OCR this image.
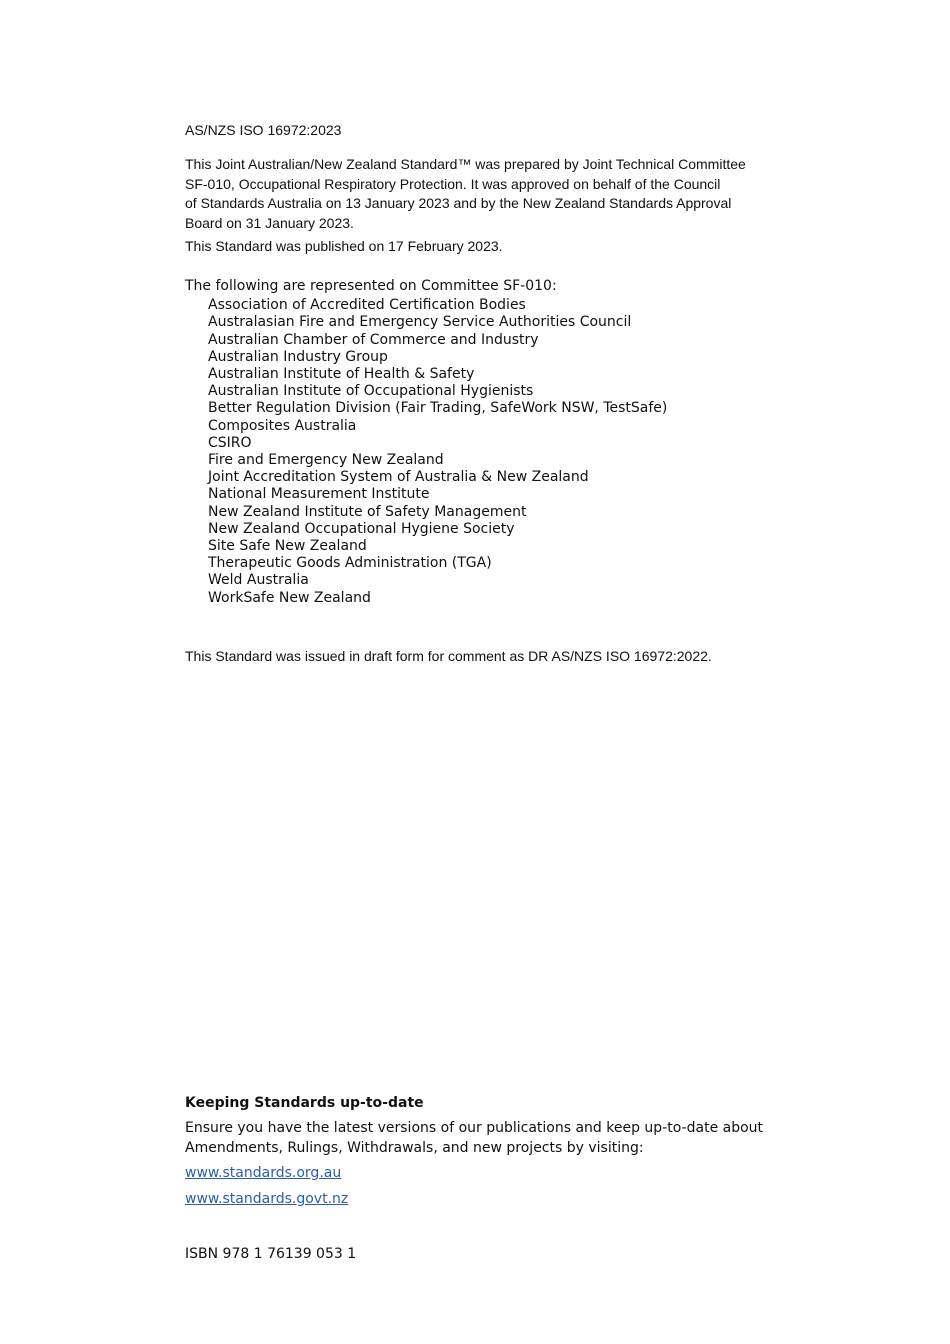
AS/NZS ISO 16972:2023

This Joint Australian/New Zealand Standard™ was prepared by Joint Technical Committee

SF-010, Occupational Respiratory Protection. It was approved on behalf of the Council

of Standards Australia on 13 January 2023 and by the New Zealand Standards Approval

Board on 31 January 2023.

This Standard was published on 17 February 2023.

The following are represented on Committee SF-010:

Association of Accredited Certification Bodies
Australasian Fire and Emergency Service Authorities Council
Australian Chamber of Commerce and Industry
Australian Industry Group
Australian Institute of Health & Safety
Australian Institute of Occupational Hygienists
Better Regulation Division (Fair Trading, SafeWork NSW, TestSafe)
Composites Australia
CSIRO
Fire and Emergency New Zealand
Joint Accreditation System of Australia & New Zealand
National Measurement Institute
New Zealand Institute of Safety Management
New Zealand Occupational Hygiene Society
Site Safe New Zealand
Therapeutic Goods Administration (TGA)
Weld Australia
WorkSafe New Zealand
This Standard was issued in draft form for comment as DR AS/NZS ISO 16972:2022.
Keeping Standards up-to-date

Ensure you have the latest versions of our publications and keep up-to-date about
Amendments, Rulings, Withdrawals, and new projects by visiting:

www.standards.org.au
www.standards.govt.nz
ISBN 978 1 76139 053 1
